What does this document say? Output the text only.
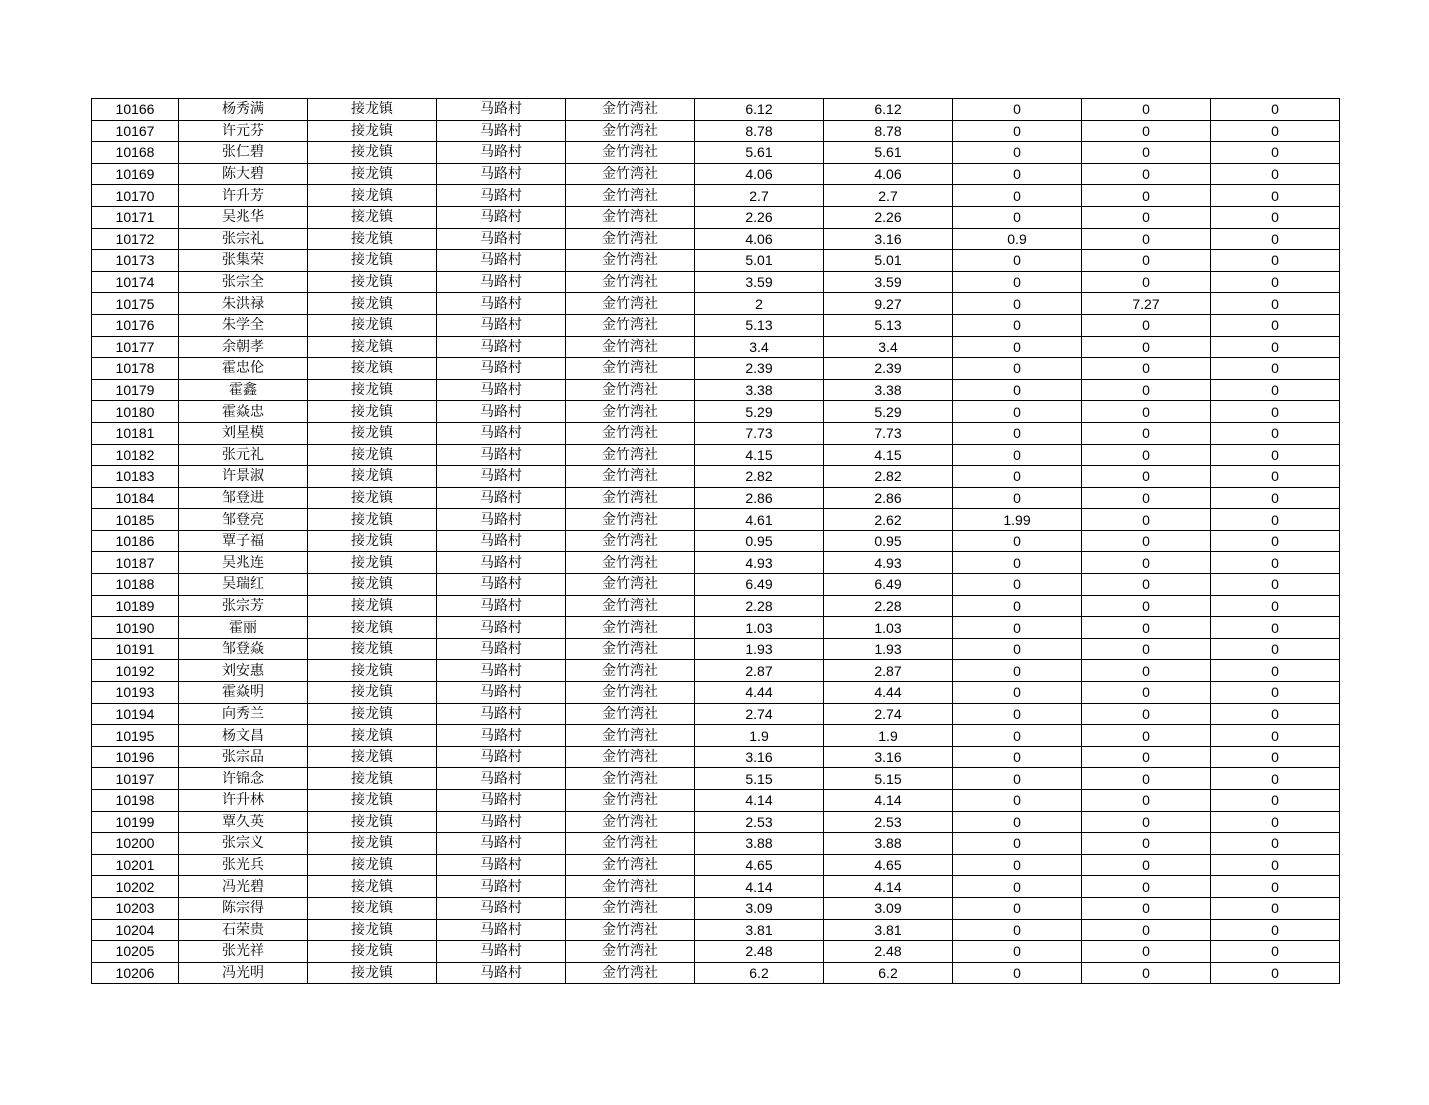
10166	杨秀满	接龙镇	马路村	金竹湾社	6.12	6.12	0	0	0
10167	许元芬	接龙镇	马路村	金竹湾社	8.78	8.78	0	0	0
10168	张仁碧	接龙镇	马路村	金竹湾社	5.61	5.61	0	0	0
10169	陈大碧	接龙镇	马路村	金竹湾社	4.06	4.06	0	0	0
10170	许升芳	接龙镇	马路村	金竹湾社	2.7	2.7	0	0	0
10171	吴兆华	接龙镇	马路村	金竹湾社	2.26	2.26	0	0	0
10172	张宗礼	接龙镇	马路村	金竹湾社	4.06	3.16	0.9	0	0
10173	张集荣	接龙镇	马路村	金竹湾社	5.01	5.01	0	0	0
10174	张宗全	接龙镇	马路村	金竹湾社	3.59	3.59	0	0	0
10175	朱洪禄	接龙镇	马路村	金竹湾社	2	9.27	0	7.27	0
10176	朱学全	接龙镇	马路村	金竹湾社	5.13	5.13	0	0	0
10177	余朝孝	接龙镇	马路村	金竹湾社	3.4	3.4	0	0	0
10178	霍忠伦	接龙镇	马路村	金竹湾社	2.39	2.39	0	0	0
10179	霍鑫	接龙镇	马路村	金竹湾社	3.38	3.38	0	0	0
10180	霍焱忠	接龙镇	马路村	金竹湾社	5.29	5.29	0	0	0
10181	刘星模	接龙镇	马路村	金竹湾社	7.73	7.73	0	0	0
10182	张元礼	接龙镇	马路村	金竹湾社	4.15	4.15	0	0	0
10183	许景淑	接龙镇	马路村	金竹湾社	2.82	2.82	0	0	0
10184	邹登进	接龙镇	马路村	金竹湾社	2.86	2.86	0	0	0
10185	邹登亮	接龙镇	马路村	金竹湾社	4.61	2.62	1.99	0	0
10186	覃子福	接龙镇	马路村	金竹湾社	0.95	0.95	0	0	0
10187	吴兆连	接龙镇	马路村	金竹湾社	4.93	4.93	0	0	0
10188	吴瑞红	接龙镇	马路村	金竹湾社	6.49	6.49	0	0	0
10189	张宗芳	接龙镇	马路村	金竹湾社	2.28	2.28	0	0	0
10190	霍丽	接龙镇	马路村	金竹湾社	1.03	1.03	0	0	0
10191	邹登焱	接龙镇	马路村	金竹湾社	1.93	1.93	0	0	0
10192	刘安惠	接龙镇	马路村	金竹湾社	2.87	2.87	0	0	0
10193	霍焱明	接龙镇	马路村	金竹湾社	4.44	4.44	0	0	0
10194	向秀兰	接龙镇	马路村	金竹湾社	2.74	2.74	0	0	0
10195	杨文昌	接龙镇	马路村	金竹湾社	1.9	1.9	0	0	0
10196	张宗品	接龙镇	马路村	金竹湾社	3.16	3.16	0	0	0
10197	许锦念	接龙镇	马路村	金竹湾社	5.15	5.15	0	0	0
10198	许升林	接龙镇	马路村	金竹湾社	4.14	4.14	0	0	0
10199	覃久英	接龙镇	马路村	金竹湾社	2.53	2.53	0	0	0
10200	张宗义	接龙镇	马路村	金竹湾社	3.88	3.88	0	0	0
10201	张光兵	接龙镇	马路村	金竹湾社	4.65	4.65	0	0	0
10202	冯光碧	接龙镇	马路村	金竹湾社	4.14	4.14	0	0	0
10203	陈宗得	接龙镇	马路村	金竹湾社	3.09	3.09	0	0	0
10204	石荣贵	接龙镇	马路村	金竹湾社	3.81	3.81	0	0	0
10205	张光祥	接龙镇	马路村	金竹湾社	2.48	2.48	0	0	0
10206	冯光明	接龙镇	马路村	金竹湾社	6.2	6.2	0	0	0
